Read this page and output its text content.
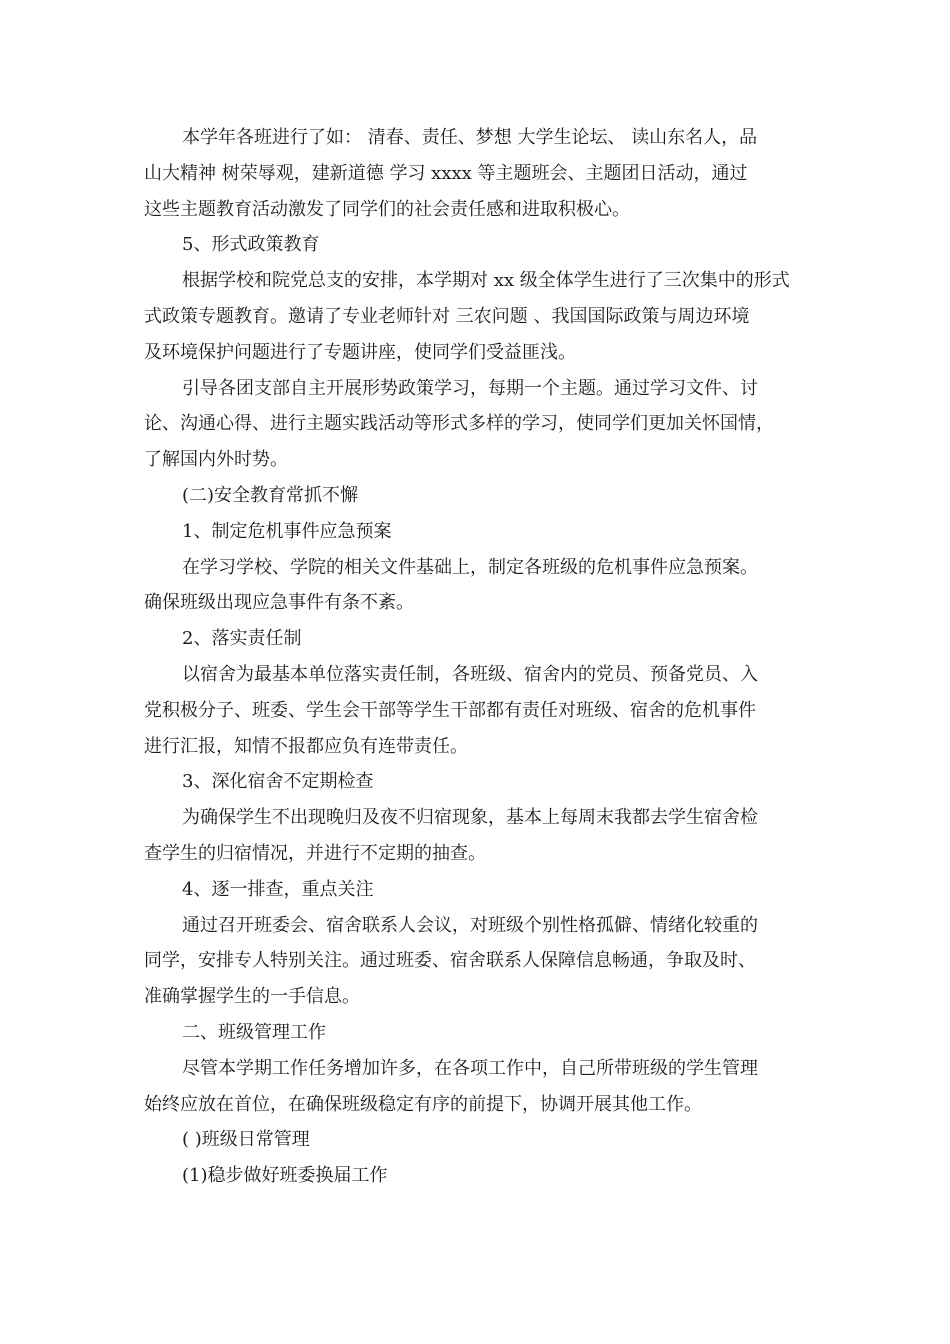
本学年各班进行了如： 清春、责任、梦想 大学生论坛、 读山东名人，品

山大精神 树荣辱观，建新道德 学习 xxxx 等主题班会、主题团日活动，通过

这些主题教育活动激发了同学们的社会责任感和进取积极心。

5、形式政策教育

根据学校和院党总支的安排，本学期对 xx 级全体学生进行了三次集中的形式

式政策专题教育。邀请了专业老师针对 三农问题 、我国国际政策与周边环境

及环境保护问题进行了专题讲座，使同学们受益匪浅。

引导各团支部自主开展形势政策学习，每期一个主题。通过学习文件、讨

论、沟通心得、进行主题实践活动等形式多样的学习，使同学们更加关怀国情，

了解国内外时势。

(二)安全教育常抓不懈

1、制定危机事件应急预案

在学习学校、学院的相关文件基础上，制定各班级的危机事件应急预案。

确保班级出现应急事件有条不紊。

2、落实责任制

以宿舍为最基本单位落实责任制，各班级、宿舍内的党员、预备党员、入

党积极分子、班委、学生会干部等学生干部都有责任对班级、宿舍的危机事件

进行汇报，知情不报都应负有连带责任。

3、深化宿舍不定期检查

为确保学生不出现晚归及夜不归宿现象，基本上每周末我都去学生宿舍检

查学生的归宿情况，并进行不定期的抽查。

4、逐一排查，重点关注

通过召开班委会、宿舍联系人会议，对班级个别性格孤僻、情绪化较重的

同学，安排专人特别关注。通过班委、宿舍联系人保障信息畅通，争取及时、

准确掌握学生的一手信息。

二、班级管理工作

尽管本学期工作任务增加许多，在各项工作中，自己所带班级的学生管理

始终应放在首位，在确保班级稳定有序的前提下，协调开展其他工作。

( )班级日常管理

(1)稳步做好班委换届工作
